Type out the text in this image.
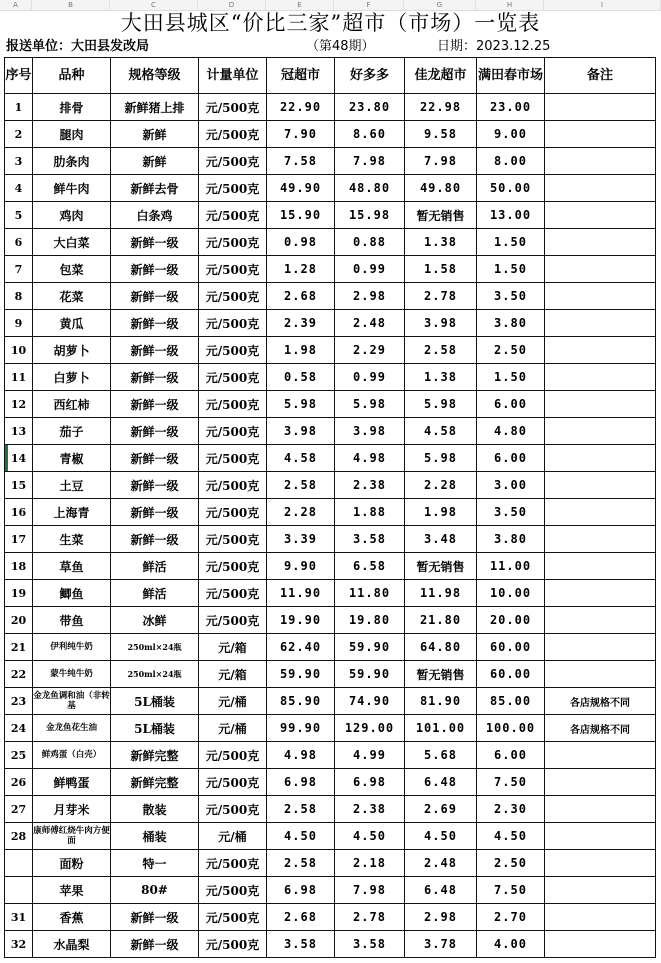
A	B	C	D	E	F	G	H	I
大田县城区“价比三家”超市（市场）一览表
报送单位：大田县发改局	（第48期）	日期：2023.12.25
序号	品种	规格等级	计量单位	冠超市	好多多	佳龙超市	满田春市场	备注
1	排骨	新鲜猪上排	元/500克	22.90	23.80	22.98	23.00	
2	腿肉	新鲜	元/500克	7.90	8.60	9.58	9.00	
3	肋条肉	新鲜	元/500克	7.58	7.98	7.98	8.00	
4	鲜牛肉	新鲜去骨	元/500克	49.90	48.80	49.80	50.00	
5	鸡肉	白条鸡	元/500克	15.90	15.98	暂无销售	13.00	
6	大白菜	新鲜一级	元/500克	0.98	0.88	1.38	1.50	
7	包菜	新鲜一级	元/500克	1.28	0.99	1.58	1.50	
8	花菜	新鲜一级	元/500克	2.68	2.98	2.78	3.50	
9	黄瓜	新鲜一级	元/500克	2.39	2.48	3.98	3.80	
10	胡萝卜	新鲜一级	元/500克	1.98	2.29	2.58	2.50	
11	白萝卜	新鲜一级	元/500克	0.58	0.99	1.38	1.50	
12	西红柿	新鲜一级	元/500克	5.98	5.98	5.98	6.00	
13	茄子	新鲜一级	元/500克	3.98	3.98	4.58	4.80	
14	青椒	新鲜一级	元/500克	4.58	4.98	5.98	6.00	
15	土豆	新鲜一级	元/500克	2.58	2.38	2.28	3.00	
16	上海青	新鲜一级	元/500克	2.28	1.88	1.98	3.50	
17	生菜	新鲜一级	元/500克	3.39	3.58	3.48	3.80	
18	草鱼	鲜活	元/500克	9.90	6.58	暂无销售	11.00	
19	鲫鱼	鲜活	元/500克	11.90	11.80	11.98	10.00	
20	带鱼	冰鲜	元/500克	19.90	19.80	21.80	20.00	
21	伊利纯牛奶	250ml×24瓶	元/箱	62.40	59.90	64.80	60.00	
22	蒙牛纯牛奶	250ml×24瓶	元/箱	59.90	59.90	暂无销售	60.00	
23	金龙鱼调和油（非转基	5L桶装	元/桶	85.90	74.90	81.90	85.00	各店规格不同
24	金龙鱼花生油	5L桶装	元/桶	99.90	129.00	101.00	100.00	各店规格不同
25	鲜鸡蛋（白壳）	新鲜完整	元/500克	4.98	4.99	5.68	6.00	
26	鲜鸭蛋	新鲜完整	元/500克	6.98	6.98	6.48	7.50	
27	月芽米	散装	元/500克	2.58	2.38	2.69	2.30	
28	康师傅红烧牛肉方便面	桶装	元/桶	4.50	4.50	4.50	4.50	
	面粉	特一	元/500克	2.58	2.18	2.48	2.50	
	苹果	80#	元/500克	6.98	7.98	6.48	7.50	
31	香蕉	新鲜一级	元/500克	2.68	2.78	2.98	2.70	
32	水晶梨	新鲜一级	元/500克	3.58	3.58	3.78	4.00	
